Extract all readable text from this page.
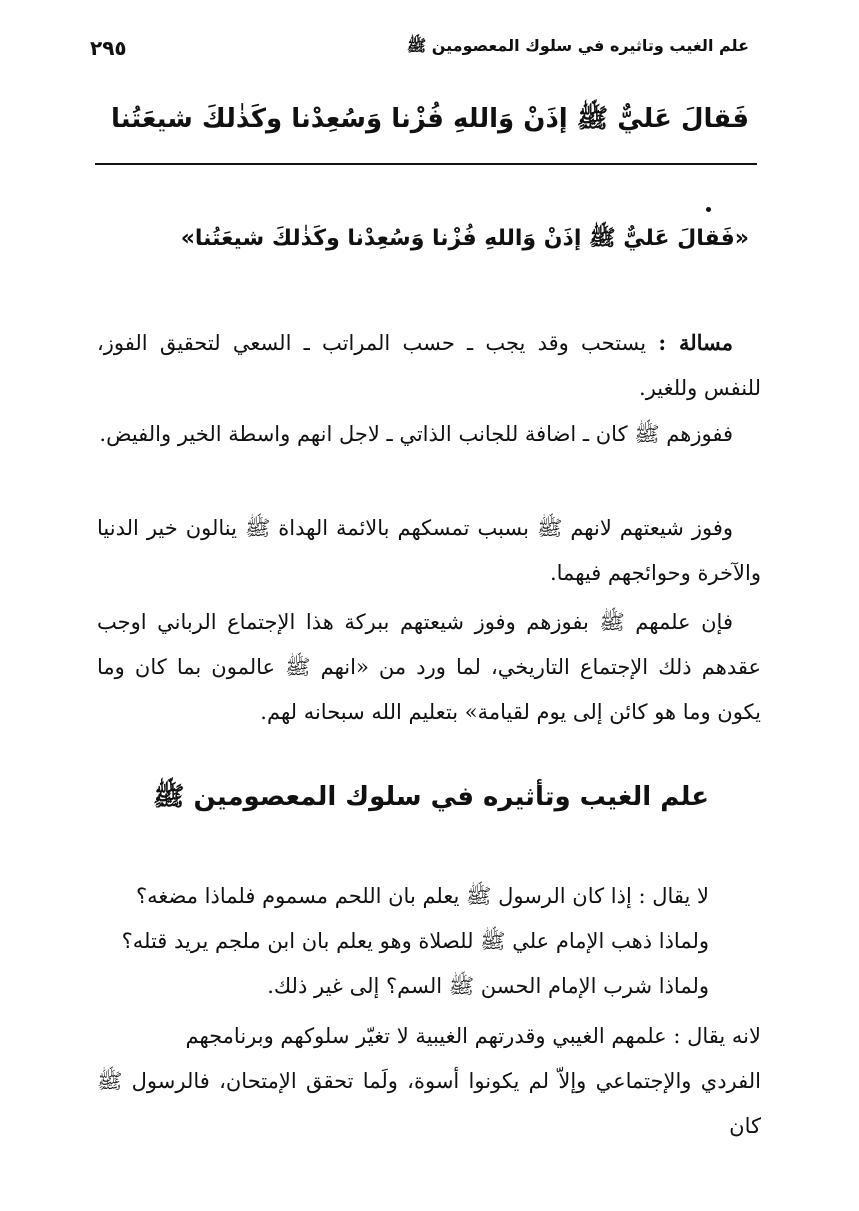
٢٩٥	علم الغيب وتاثيره في سلوك المعصومين ﷺ
فَقالَ عَليٌّ ﷺ إذَنْ وَاللهِ فُزْنا وَسُعِدْنا وكَذٰلكَ شيعَتُنا
«فَقالَ عَليٌّ ﷺ إذَنْ وَاللهِ فُزْنا وَسُعِدْنا وكَذٰلكَ شيعَتُنا»
مسالة : يستحب وقد يجب ـ حسب المراتب ـ السعي لتحقيق الفوز، للنفس وللغير.
ففوزهم ﷺ كان ـ اضافة للجانب الذاتي ـ لاجل انهم واسطة الخير والفيض.
وفوز شيعتهم لانهم ﷺ بسبب تمسكهم بالائمة الهداة ﷺ ينالون خير الدنيا والآخرة وحوائجهم فيهما.
فإن علمهم ﷺ بفوزهم وفوز شيعتهم ببركة هذا الإجتماع الرباني اوجب عقدهم ذلك الإجتماع التاريخي، لما ورد من «انهم ﷺ عالمون بما كان وما يكون وما هو كائن إلى يوم لقيامة» بتعليم الله سبحانه لهم.
علم الغيب وتأثيره في سلوك المعصومين ﷺ
لا يقال : إذا كان الرسول ﷺ يعلم بان اللحم مسموم فلماذا مضغه؟
ولماذا ذهب الإمام علي ﷺ للصلاة وهو يعلم بان ابن ملجم يريد قتله؟
ولماذا شرب الإمام الحسن ﷺ السم؟ إلى غير ذلك.
لانه يقال : علمهم الغيبي وقدرتهم الغيبية لا تغيّر سلوكهم وبرنامجهم
الفردي والإجتماعي وإلاّ لم يكونوا أسوة، ولَما تحقق الإمتحان، فالرسول ﷺ كان
